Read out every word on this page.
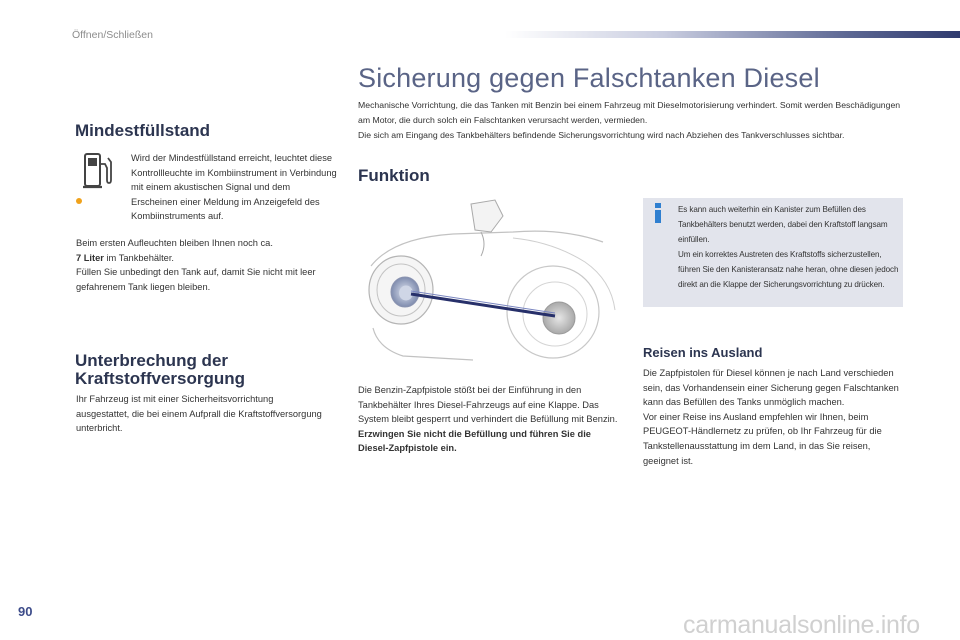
Öffnen/Schließen
Sicherung gegen Falschtanken Diesel

Mechanische Vorrichtung, die das Tanken mit Benzin bei einem Fahrzeug mit Dieselmotorisierung verhindert. Somit werden Beschädigungen am Motor, die durch solch ein Falschtanken verursacht werden, vermieden.

Die sich am Eingang des Tankbehälters befindende Sicherungsvorrichtung wird nach Abziehen des Tankverschlusses sichtbar.

Mindestfüllstand
Wird der Mindestfüllstand erreicht, leuchtet diese Kontrollleuchte im Kombiinstrument in Verbindung mit einem akustischen Signal und dem Erscheinen einer Meldung im Anzeigefeld des Kombiinstruments auf.

Beim ersten Aufleuchten bleiben Ihnen noch ca.

7 Liter im Tankbehälter.

Füllen Sie unbedingt den Tank auf, damit Sie nicht mit leer gefahrenem Tank liegen bleiben.

Unterbrechung der
Kraftstoffversorgung
Ihr Fahrzeug ist mit einer Sicherheitsvorrichtung ausgestattet, die bei einem Aufprall die Kraftstoffversorgung unterbricht.
Funktion

Die Benzin-Zapfpistole stößt bei der Einführung in den Tankbehälter Ihres Diesel-Fahrzeugs auf eine Klappe. Das System bleibt gesperrt und verhindert die Befüllung mit Benzin.

Erzwingen Sie nicht die Befüllung und führen Sie die Diesel-Zapfpistole ein.

Es kann auch weiterhin ein Kanister zum Befüllen des Tankbehälters benutzt werden, dabei den Kraftstoff langsam einfüllen.

Um ein korrektes Austreten des Kraftstoffs sicherzustellen, führen Sie den Kanisteransatz nahe heran, ohne diesen jedoch direkt an die Klappe der Sicherungsvorrichtung zu drücken.

Reisen ins Ausland

Die Zapfpistolen für Diesel können je nach Land verschieden sein, das Vorhandensein einer Sicherung gegen Falschtanken kann das Befüllen des Tanks unmöglich machen.

Vor einer Reise ins Ausland empfehlen wir Ihnen, beim PEUGEOT-Händlernetz zu prüfen, ob Ihr Fahrzeug für die Tankstellenausstattung im dem Land, in das Sie reisen, geeignet ist.

90	carmanualsonline.info
